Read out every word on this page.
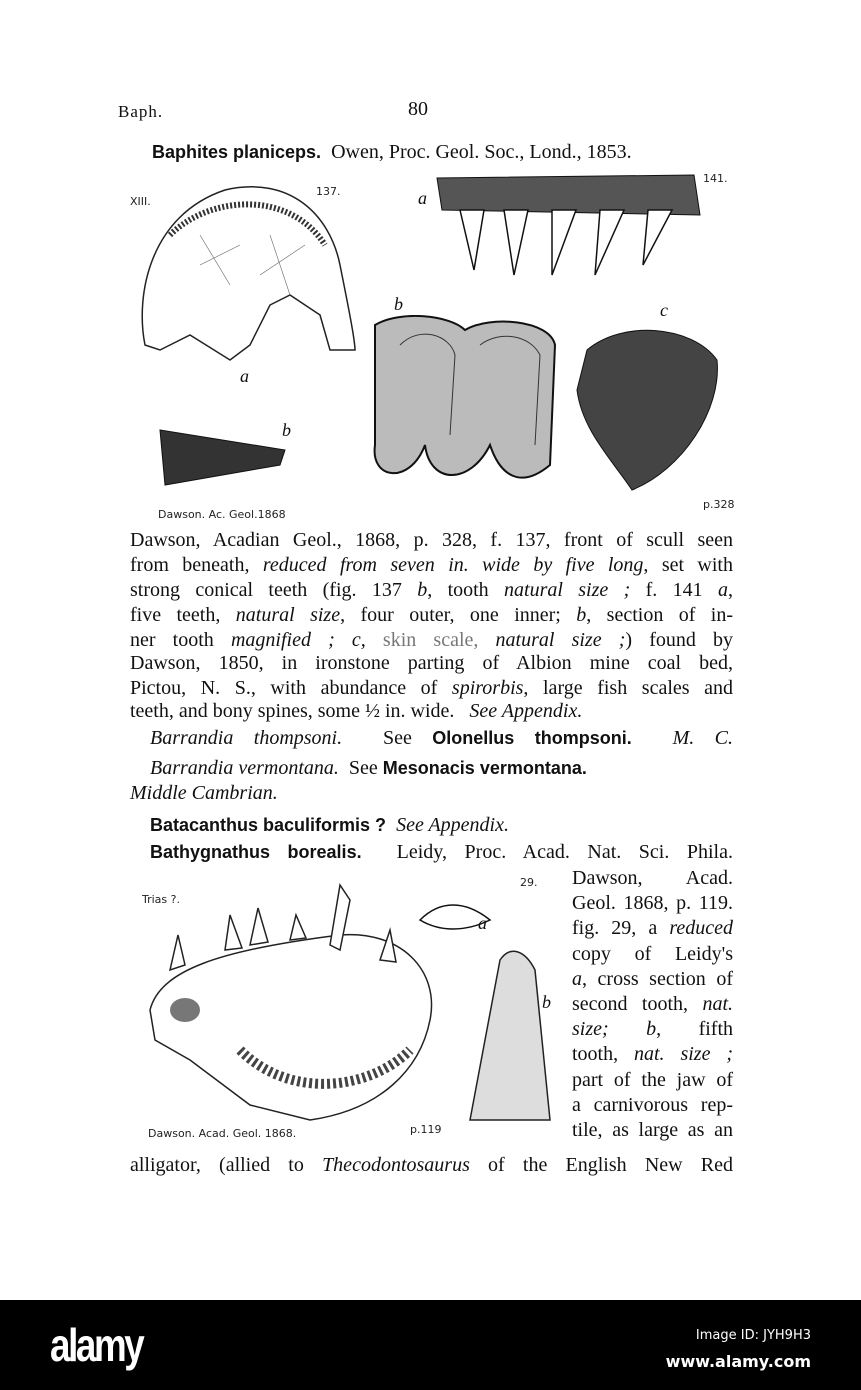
Baph.	80
Baphites planiceps. Owen, Proc. Geol. Soc., Lond., 1853.
XIII.
137.	a
141.
b	c
a
b
Dawson. Ac. Geol.1868
p.328
Dawson, Acadian Geol., 1868, p. 328, f. 137, front of scull seen
from beneath, reduced from seven in. wide by five long, set with
strong conical teeth (fig. 137 b, tooth natural size ; f. 141 a,
five teeth, natural size, four outer, one inner; b, section of in-
ner tooth magnified ; c, skin scale, natural size ;) found by
Dawson, 1850, in ironstone parting of Albion mine coal bed,
Pictou, N. S., with abundance of spirorbis, large fish scales and
teeth, and bony spines, some ½ in. wide.   See Appendix.
Barrandia thompsoni.  See Olonellus thompsoni. M. C.
Barrandia vermontana.  See Mesonacis vermontana.
Middle Cambrian.
Batacanthus baculiformis ? See Appendix.
Bathygnathus borealis.  Leidy, Proc. Acad. Nat. Sci. Phila.
alligator, (allied to Thecodontosaurus of the English New Red
Trias ?.
29.
a
b
Dawson. Acad. Geol. 1868.	p.119
Dawson, Acad.
Geol. 1868, p. 119.
fig. 29, a reduced
copy of Leidy's
a, cross section of
second tooth, nat.
size; b, fifth
tooth, nat. size ;
part of the jaw of
a carnivorous rep-
tile, as large as an
alamy	Image ID: JYH9H3
www.alamy.com
